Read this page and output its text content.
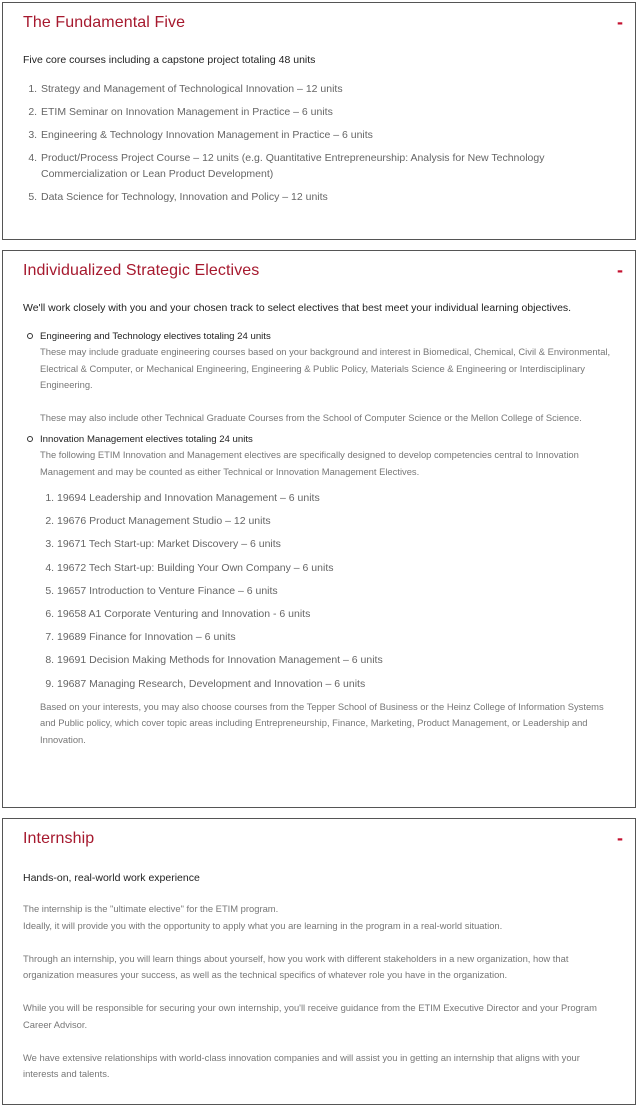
The Fundamental Five	-

Five core courses including a capstone project totaling 48 units

1. Strategy and Management of Technological Innovation – 12 units
2. ETIM Seminar on Innovation Management in Practice – 6 units
3. Engineering & Technology Innovation Management in Practice – 6 units
4. Product/Process Project Course – 12 units (e.g. Quantitative Entrepreneurship: Analysis for New Technology Commercialization or Lean Product Development)
5. Data Science for Technology, Innovation and Policy – 12 units
Individualized Strategic Electives	-

We'll work closely with you and your chosen track to select electives that best meet your individual learning objectives.

Engineering and Technology electives totaling 24 units
These may include graduate engineering courses based on your background and interest in Biomedical, Chemical, Civil & Environmental, Electrical & Computer, or Mechanical Engineering, Engineering & Public Policy, Materials Science & Engineering or Interdisciplinary Engineering.
These may also include other Technical Graduate Courses from the School of Computer Science or the Mellon College of Science.
Innovation Management electives totaling 24 units
The following ETIM Innovation and Management electives are specifically designed to develop competencies central to Innovation Management and may be counted as either Technical or Innovation Management Electives.
1. 19694 Leadership and Innovation Management – 6 units
2. 19676 Product Management Studio – 12 units
3. 19671 Tech Start-up: Market Discovery – 6 units
4. 19672 Tech Start-up: Building Your Own Company – 6 units
5. 19657 Introduction to Venture Finance – 6 units
6. 19658 A1 Corporate Venturing and Innovation - 6 units
7. 19689 Finance for Innovation – 6 units
8. 19691 Decision Making Methods for Innovation Management – 6 units
9. 19687 Managing Research, Development and Innovation – 6 units
Based on your interests, you may also choose courses from the Tepper School of Business or the Heinz College of Information Systems and Public policy, which cover topic areas including Entrepreneurship, Finance, Marketing, Product Management, or Leadership and Innovation.
Internship	-

Hands-on, real-world work experience

The internship is the "ultimate elective" for the ETIM program.

Ideally, it will provide you with the opportunity to apply what you are learning in the program in a real-world situation.

Through an internship, you will learn things about yourself, how you work with different stakeholders in a new organization, how that organization measures your success, as well as the technical specifics of whatever role you have in the organization.

While you will be responsible for securing your own internship, you'll receive guidance from the ETIM Executive Director and your Program Career Advisor.

We have extensive relationships with world-class innovation companies and will assist you in getting an internship that aligns with your interests and talents.
